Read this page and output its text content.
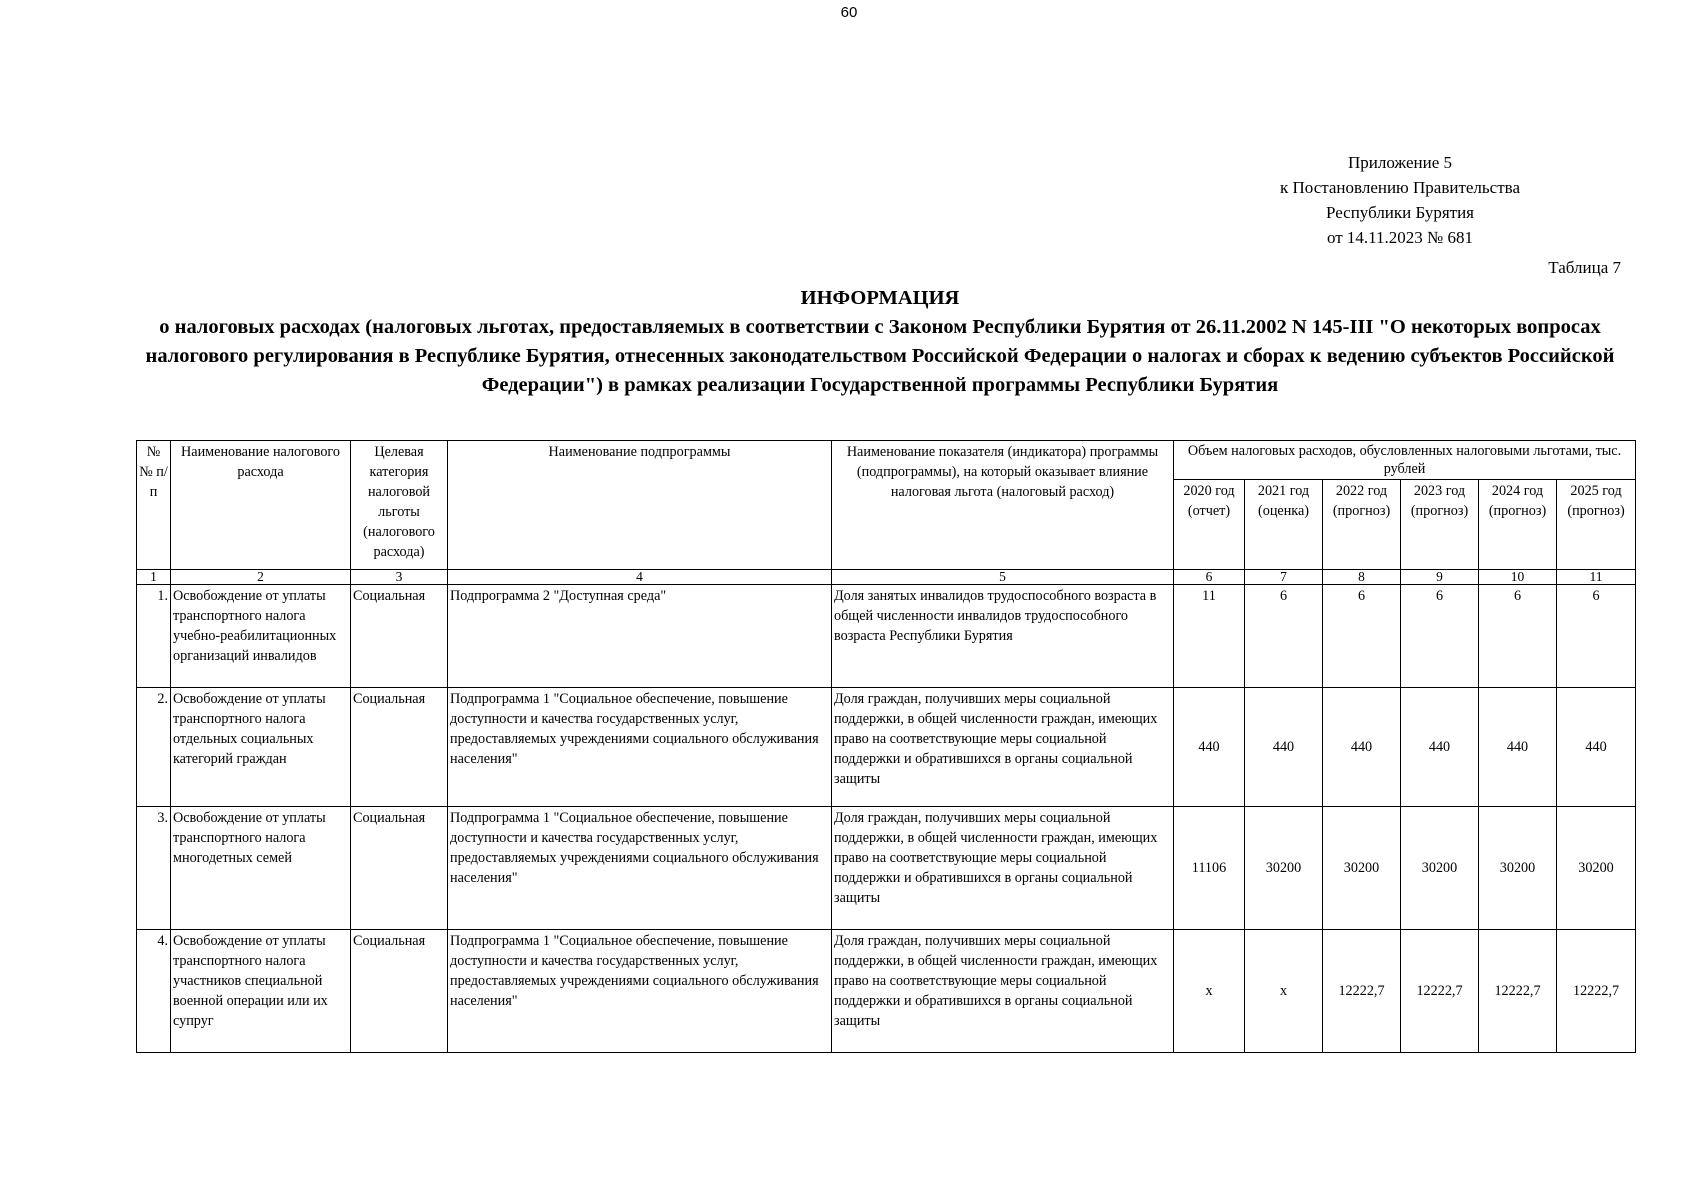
60
Приложение 5
к Постановлению Правительства
Республики Бурятия
от 14.11.2023 № 681
Таблица 7
ИНФОРМАЦИЯ
о налоговых расходах (налоговых льготах, предоставляемых в соответствии с Законом Республики Бурятия от 26.11.2002 N 145-III "О некоторых вопросах налогового регулирования в Республике Бурятия, отнесенных законодательством Российской Федерации о налогах и сборах к ведению субъектов Российской Федерации") в рамках реализации Государственной программы Республики Бурятия
№ № п/п	Наименование налогового расхода	Целевая категория налоговой льготы (налогового расхода)	Наименование подпрограммы	Наименование показателя (индикатора) программы (подпрограммы), на который оказывает влияние налоговая льгота (налоговый расход)	Объем налоговых расходов, обусловленных налоговыми льготами, тыс. рублей					
					2020 год (отчет)	2021 год (оценка)	2022 год (прогноз)	2023 год (прогноз)	2024 год (прогноз)	2025 год (прогноз)
1	2	3	4	5	6	7	8	9	10	11
1.	Освобождение от уплаты транспортного налога учебно-реабилитационных организаций инвалидов	Социальная	Подпрограмма 2 "Доступная среда"	Доля занятых инвалидов трудоспособного возраста в общей численности инвалидов трудоспособного возраста Республики Бурятия	11	6	6	6	6	6
2.	Освобождение от уплаты транспортного налога отдельных социальных категорий граждан	Социальная	Подпрограмма 1 "Социальное обеспечение, повышение доступности и качества государственных услуг, предоставляемых учреждениями социального обслуживания населения"	Доля граждан, получивших меры социальной поддержки, в общей численности граждан, имеющих право на соответствующие меры социальной поддержки и обратившихся в органы социальной защиты	440	440	440	440	440	440
3.	Освобождение от уплаты транспортного налога многодетных семей	Социальная	Подпрограмма 1 "Социальное обеспечение, повышение доступности и качества государственных услуг, предоставляемых учреждениями социального обслуживания населения"	Доля граждан, получивших меры социальной поддержки, в общей численности граждан, имеющих право на соответствующие меры социальной поддержки и обратившихся в органы социальной защиты	11106	30200	30200	30200	30200	30200
4.	Освобождение от уплаты транспортного налога участников специальной военной операции или их супруг	Социальная	Подпрограмма 1 "Социальное обеспечение, повышение доступности и качества государственных услуг, предоставляемых учреждениями социального обслуживания населения"	Доля граждан, получивших меры социальной поддержки, в общей численности граждан, имеющих право на соответствующие меры социальной поддержки и обратившихся в органы социальной защиты	х	х	12222,7	12222,7	12222,7	12222,7
